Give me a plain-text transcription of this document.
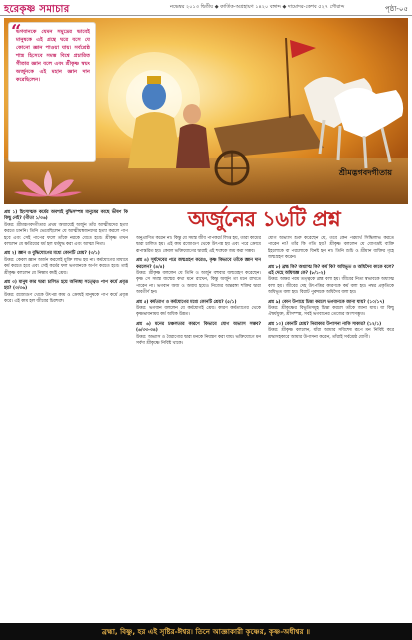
হরেকৃষ্ণ সমাচার	নভেম্বর ২০১৩ দ্বিতীয় ◆ কার্তিক-অগ্রহায়ণ ১৪২০ বঙ্গাব্দ ◆ দামোদর-কেশব ৫২৭ গৌরাব্দ	পৃষ্ঠা-০৫
“

ভগবানকে যেমন সমুদ্রের ভাবেই মানুষকে এই গ্রন্থে ঘরে বসে যে কোনো জ্ঞান পাওয়া যায়। সর্বশ্রেষ্ঠ শাস্ত্র হিসেবে সমস্ত বিশ্বে প্রচারিত গীতার জ্ঞান বলে এবং শ্রীকৃষ্ণ স্বয়ং অর্জুনকে এই মহান জ্ঞান দান করেছিলেন।

শ্রীমদ্ভগবদগীতায়
অর্জুনের ১৬টি প্রশ্ন

প্রশ্ন ১) হিংসাত্মক কর্মের অবশ্যই বুদ্ধিসম্পন্ন মানুষের কাছে ভীষণ কি কিছু নেই? (গীতা ১/৩৬)
উত্তর: শ্রীমদ্ভগবদগীতার প্রথম অধ্যায়েই অর্জুন তাঁর আত্মীয়দের হত্যা করতে চাননি। তিনি ভেবেছিলেন যে আত্মীয়স্বজনদের হত্যা করলে পাপ হবে এবং সেই পাপের ফলে তাঁকে নরকে যেতে হবে। শ্রীকৃষ্ণ তখন বললেন যে ক্ষত্রিয়ের ধর্ম হল ধর্মযুদ্ধ করা এবং আত্মা নিত্য।

প্রশ্ন ২) জ্ঞান ও বুদ্ধিযোগের মধ্যে কোনটি শ্রেয়? (৩/১)
উত্তর: কেবল জ্ঞান অর্জন করলেই মুক্তি লাভ হয় না। কর্মযোগের মাধ্যমে কর্ম করতে হবে এবং সেই কর্মের ফল ভগবানকে অর্পণ করতে হবে। তাই শ্রীকৃষ্ণ বললেন যে নিষ্কাম কর্মই শ্রেয়।

প্রশ্ন ৩) মানুষ কার দ্বারা চালিত হয়ে অনিচ্ছা সত্ত্বেও পাপ কর্মে প্রবৃত্ত হয়? (৩/৩৬)
উত্তর: রজোগুণ থেকে উৎপন্ন কাম ও ক্রোধই মানুষকে পাপ কর্মে প্রবৃত্ত করে। এই কাম হল জীবের চিরশত্রু।

অনুপ্রাণিত করেন না। কিন্তু যে সমস্ত জীব পাপকর্মে লিপ্ত হয়, তারা কামের দ্বারা চালিত হয়। এই কাম রজোগুণ থেকে উৎপন্ন হয় এবং পরে ক্রোধে রূপান্তরিত হয়। কেবল ভক্তিযোগের দ্বারাই এই শত্রুকে জয় করা সম্ভব।

প্রশ্ন ৪) সূর্যদেবের পরে জন্মগ্রহণ করেও, কৃষ্ণ কিভাবে তাঁকে জ্ঞান দান করলেন? (৪/৪)
উত্তর: শ্রীকৃষ্ণ বললেন যে তিনি ও অর্জুন বহুবার জন্মগ্রহণ করেছেন। কৃষ্ণ সে সমস্ত জন্মের কথা মনে রাখেন, কিন্তু অর্জুন তা মনে রাখতে পারেন না। ভগবান অজ ও অব্যয় হয়েও নিজের অন্তরঙ্গা শক্তির দ্বারা অবতীর্ণ হন।

প্রশ্ন ৫) কর্মত্যাগ ও কর্মযোগের মধ্যে কোনটি শ্রেয়? (৫/১)
উত্তর: ভগবান বললেন যে কর্মযোগই শ্রেয়। কারণ কর্মত্যাগের থেকে কৃষ্ণভাবনাময় কর্ম অধিক উন্নত।

প্রশ্ন ৬) মনের চঞ্চলতার কারণে কিভাবে যোগ অভ্যাস সম্ভব? (৬/৩৩-৩৪)
উত্তর: অভ্যাস ও বৈরাগ্যের দ্বারা মনকে নিয়ন্ত্রণ করা যায়। ভক্তিযোগে মন সর্বদা শ্রীকৃষ্ণে নিবিষ্ট থাকে।

যোগ অভ্যাস শুরু করেছেন যে, তবে কেন পরমার্থ সিদ্ধিলাভ করতে পারেন না? তাঁর কি গতি হয়? শ্রীকৃষ্ণ বললেন যে যোগভ্রষ্ট ব্যক্তি ইহলোকে বা পরলোকে বিনষ্ট হন না। তিনি শুচি ও শ্রীমান ব্যক্তির গৃহে জন্মগ্রহণ করেন।

প্রশ্ন ৮) ব্রহ্ম কি? অধ্যাত্ম কি? কর্ম কি? অধিভূত ও অধিদৈব কাকে বলে? এই দেহে অধিযজ্ঞ কে? (৮/১-২)
উত্তর: অক্ষর পরম তত্ত্বকে ব্রহ্ম বলা হয়। জীবের নিত্য স্বভাবকে অধ্যাত্ম বলা হয়। জীবের দেহ উৎপত্তির কারণকে কর্ম বলা হয়। নশ্বর প্রকৃতিকে অধিভূত বলা হয়। বিরাট পুরুষকে অধিদৈব বলা হয়।

প্রশ্ন ৯) কোন উপায়ে চিন্তা করলে ভগবানকে জানা যায়? (১০/১৭)
উত্তর: শ্রীকৃষ্ণের বিভূতিসমূহ চিন্তা করলে তাঁকে জানা যায়। যা কিছু ঐশ্বর্যযুক্ত, শ্রীসম্পন্ন, সবই ভগবানের তেজের অংশসম্ভূত।

প্রশ্ন ১০) কোনটি শ্রেয়? নিরাকার উপাসনা নাকি সাকার? (১২/১)
উত্তর: শ্রীকৃষ্ণ বললেন, যাঁরা আমার সবিশেষ রূপে মন নিবিষ্ট করে শ্রদ্ধাসহকারে আমার উপাসনা করেন, তাঁরাই সর্বশ্রেষ্ঠ যোগী।

ব্রহ্মা, বিষ্ণু, হর এই সৃষ্টির-ঈশ্বর। তিনে আজ্ঞাকারী কৃষ্ণের, কৃষ্ণ-অধীশ্বর ॥
